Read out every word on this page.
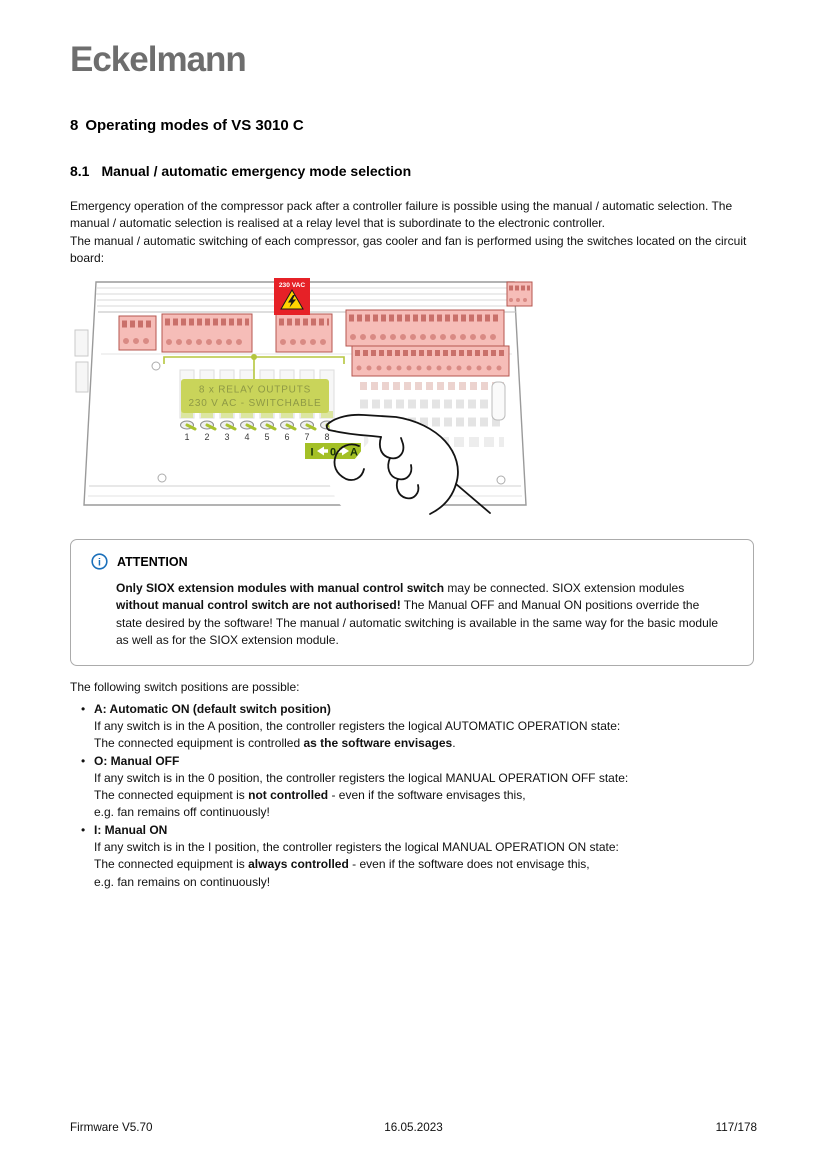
Eckelmann
8 Operating modes of VS 3010 C
8.1 Manual / automatic emergency mode selection

Emergency operation of the compressor pack after a controller failure is possible using the manual / automatic selection. The manual / automatic selection is realised at a relay level that is subordinate to the electronic controller.

The manual / automatic switching of each compressor, gas cooler and fan is performed using the switches located on the circuit board:

230 VAC
8 x RELAY OUTPUTS
230 V AC - SWITCHABLE
1 2 3 4 5 6 7 8
I 0 A
i ATTENTION
Only SIOX extension modules with manual control switch may be connected. SIOX extension modules without manual control switch are not authorised! The Manual OFF and Manual ON positions override the state desired by the software! The manual / automatic switching is available in the same way for the basic module as well as for the SIOX extension module.
The following switch positions are possible:
• A: Automatic ON (default switch position)
If any switch is in the A position, the controller registers the logical AUTOMATIC OPERATION state:
The connected equipment is controlled as the software envisages.
• O: Manual OFF
If any switch is in the 0 position, the controller registers the logical MANUAL OPERATION OFF state:
The connected equipment is not controlled - even if the software envisages this,
e.g. fan remains off continuously!
• I: Manual ON
If any switch is in the I position, the controller registers the logical MANUAL OPERATION ON state:
The connected equipment is always controlled - even if the software does not envisage this,
e.g. fan remains on continuously!
Firmware V5.70	16.05.2023	117/178
